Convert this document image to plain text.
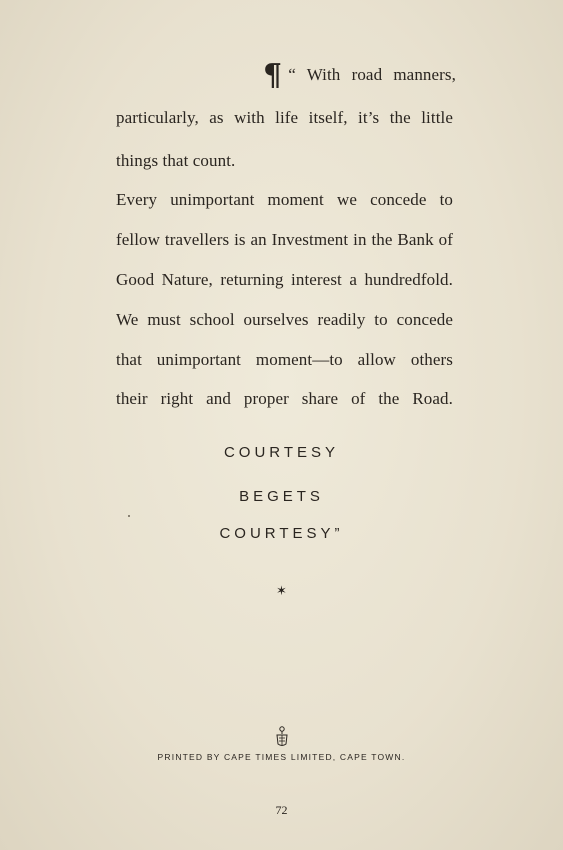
¶ “ With road manners,
particularly, as with life itself, it’s the little
things that count.
Every unimportant moment we concede to
fellow travellers is an Investment in the Bank of
Good Nature, returning interest a hundredfold.
We must school ourselves readily to concede
that unimportant moment—to allow others
their right and proper share of the Road.
COURTESY
BEGETS
COURTESY”
✶
PRINTED BY CAPE TIMES LIMITED, CAPE TOWN.
72
